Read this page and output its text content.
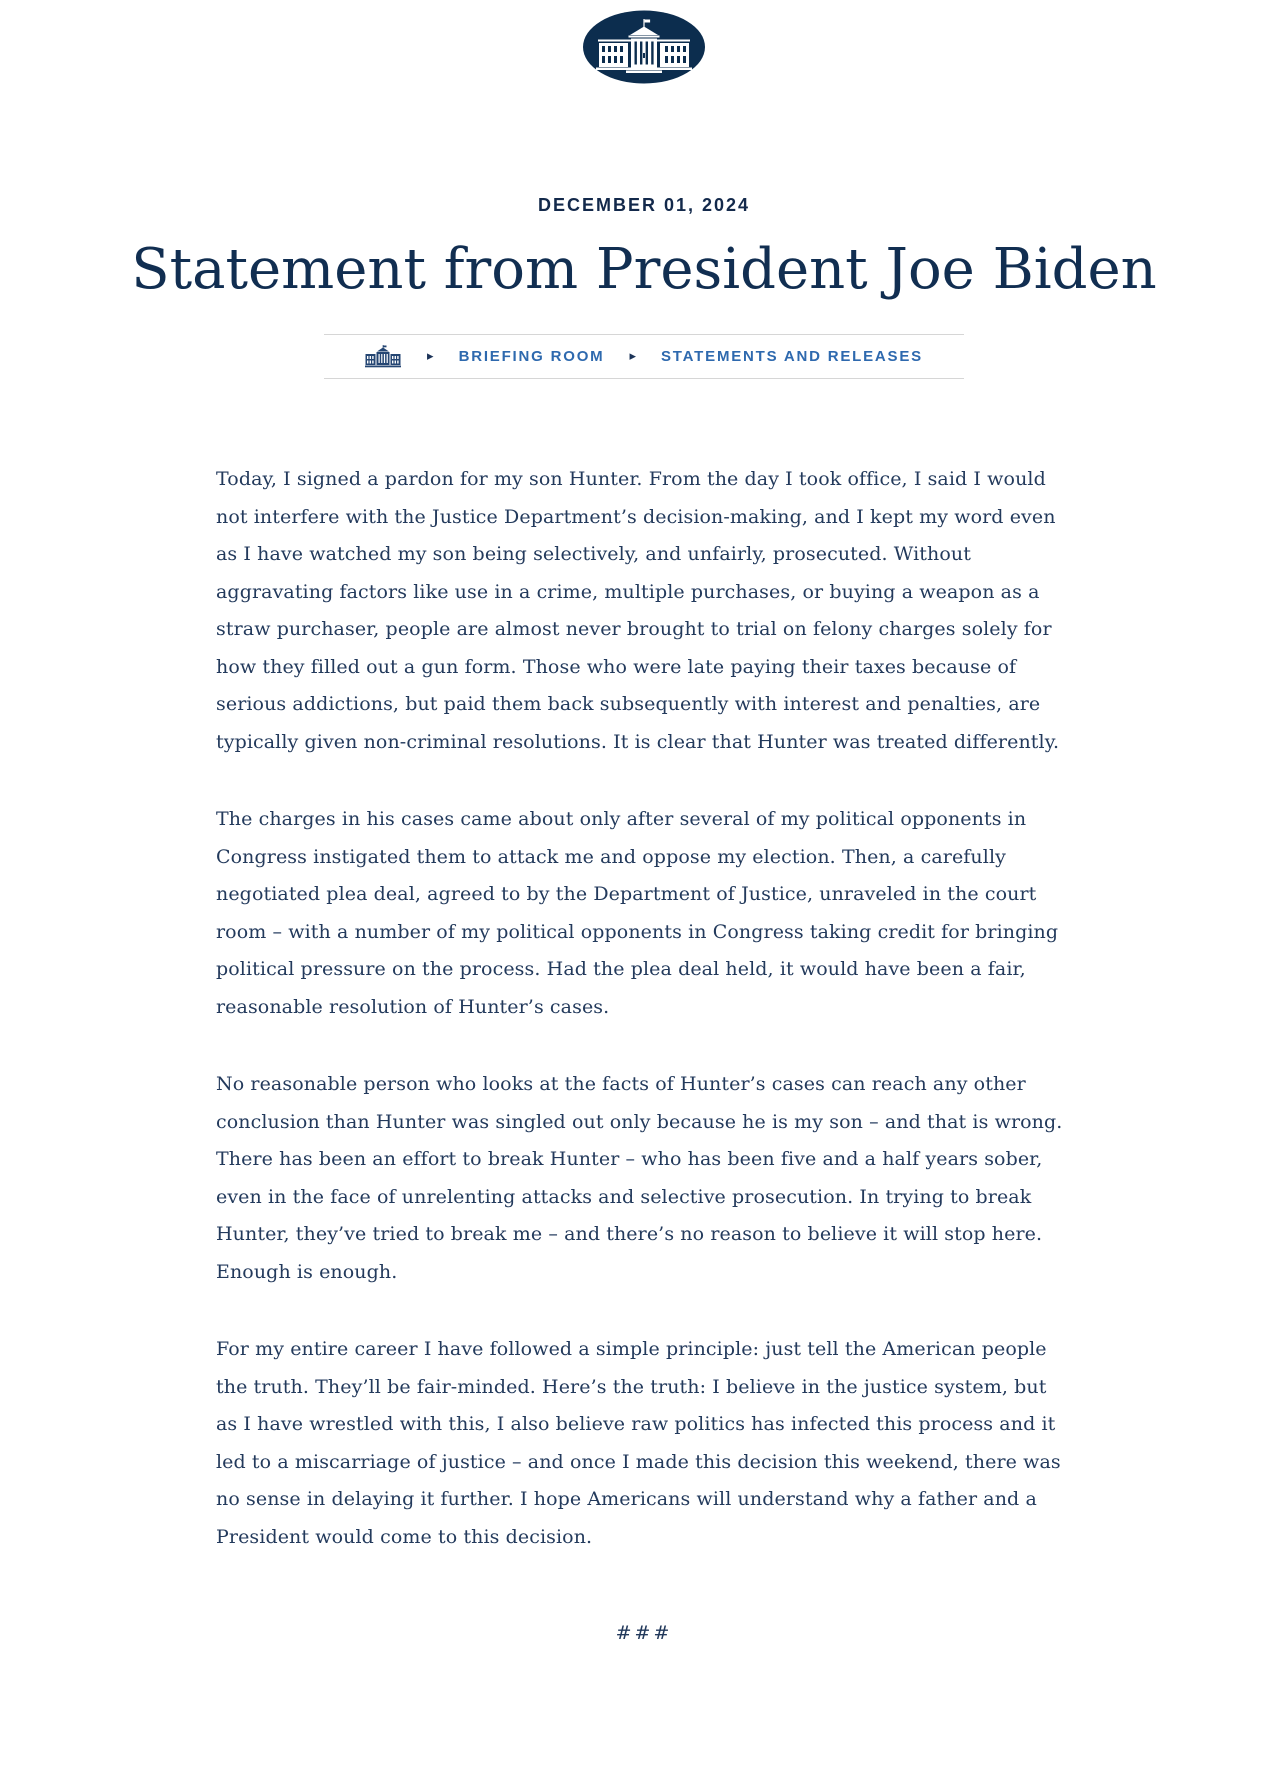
DECEMBER 01, 2024
Statement from President Joe Biden
▸ BRIEFING ROOM ▸ STATEMENTS AND RELEASES

Today, I signed a pardon for my son Hunter. From the day I took office, I said I would not interfere with the Justice Department’s decision-making, and I kept my word even as I have watched my son being selectively, and unfairly, prosecuted. Without aggravating factors like use in a crime, multiple purchases, or buying a weapon as a straw purchaser, people are almost never brought to trial on felony charges solely for how they filled out a gun form. Those who were late paying their taxes because of serious addictions, but paid them back subsequently with interest and penalties, are typically given non-criminal resolutions. It is clear that Hunter was treated differently.

The charges in his cases came about only after several of my political opponents in Congress instigated them to attack me and oppose my election. Then, a carefully negotiated plea deal, agreed to by the Department of Justice, unraveled in the court room – with a number of my political opponents in Congress taking credit for bringing political pressure on the process. Had the plea deal held, it would have been a fair, reasonable resolution of Hunter’s cases.

No reasonable person who looks at the facts of Hunter’s cases can reach any other conclusion than Hunter was singled out only because he is my son – and that is wrong. There has been an effort to break Hunter – who has been five and a half years sober, even in the face of unrelenting attacks and selective prosecution. In trying to break Hunter, they’ve tried to break me – and there’s no reason to believe it will stop here. Enough is enough.

For my entire career I have followed a simple principle: just tell the American people the truth. They’ll be fair-minded. Here’s the truth: I believe in the justice system, but as I have wrestled with this, I also believe raw politics has infected this process and it led to a miscarriage of justice – and once I made this decision this weekend, there was no sense in delaying it further. I hope Americans will understand why a father and a President would come to this decision.

###
